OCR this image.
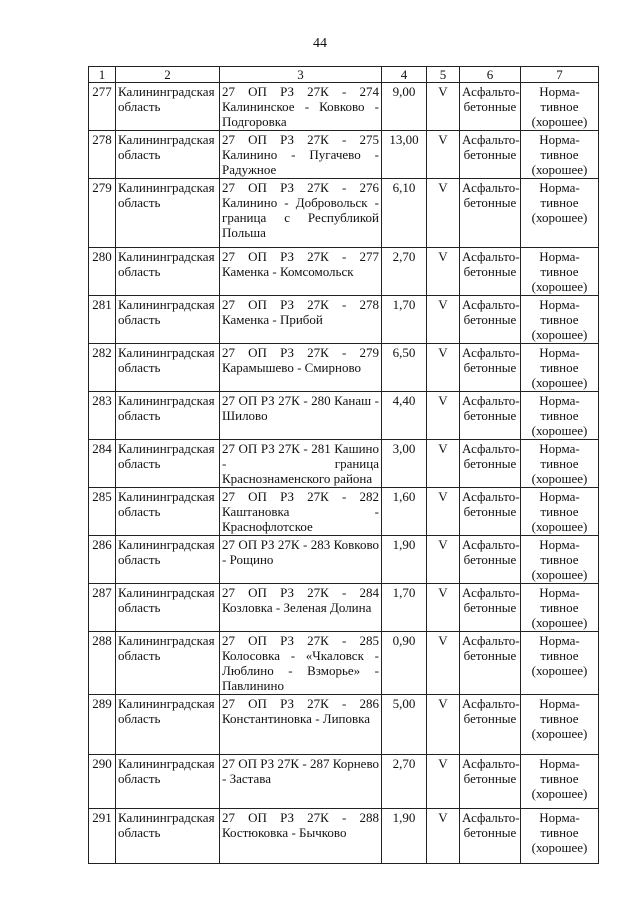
44
1	2	3	4	5	6	7
277	Калининградская область	27 ОП РЗ 27К - 274 Калининское - Ковково - Подгоровка	9,00	V	Асфальто-бетонные	Норма-тивное (хорошее)
278	Калининградская область	27 ОП РЗ 27К - 275 Калинино - Пугачево - Радужное	13,00	V	Асфальто-бетонные	Норма-тивное (хорошее)
279	Калининградская область	27 ОП РЗ 27К - 276 Калинино - Добровольск - граница с Республикой Польша	6,10	V	Асфальто-бетонные	Норма-тивное (хорошее)
280	Калининградская область	27 ОП РЗ 27К - 277 Каменка - Комсомольск	2,70	V	Асфальто-бетонные	Норма-тивное (хорошее)
281	Калининградская область	27 ОП РЗ 27К - 278 Каменка - Прибой	1,70	V	Асфальто-бетонные	Норма-тивное (хорошее)
282	Калининградская область	27 ОП РЗ 27К - 279 Карамышево - Смирново	6,50	V	Асфальто-бетонные	Норма-тивное (хорошее)
283	Калининградская область	27 ОП РЗ 27К - 280 Канаш - Шилово	4,40	V	Асфальто-бетонные	Норма-тивное (хорошее)
284	Калининградская область	27 ОП РЗ 27К - 281 Кашино - граница Краснознаменского района	3,00	V	Асфальто-бетонные	Норма-тивное (хорошее)
285	Калининградская область	27 ОП РЗ 27К - 282 Каштановка - Краснофлотское	1,60	V	Асфальто-бетонные	Норма-тивное (хорошее)
286	Калининградская область	27 ОП РЗ 27К - 283 Ковково - Рощино	1,90	V	Асфальто-бетонные	Норма-тивное (хорошее)
287	Калининградская область	27 ОП РЗ 27К - 284 Козловка - Зеленая Долина	1,70	V	Асфальто-бетонные	Норма-тивное (хорошее)
288	Калининградская область	27 ОП РЗ 27К - 285 Колосовка - «Чкаловск - Люблино - Взморье» - Павлинино	0,90	V	Асфальто-бетонные	Норма-тивное (хорошее)
289	Калининградская область	27 ОП РЗ 27К - 286 Константиновка - Липовка	5,00	V	Асфальто-бетонные	Норма-тивное (хорошее)
290	Калининградская область	27 ОП РЗ 27К - 287 Корнево - Застава	2,70	V	Асфальто-бетонные	Норма-тивное (хорошее)
291	Калининградская область	27 ОП РЗ 27К - 288 Костюковка - Бычково	1,90	V	Асфальто-бетонные	Норма-тивное (хорошее)
